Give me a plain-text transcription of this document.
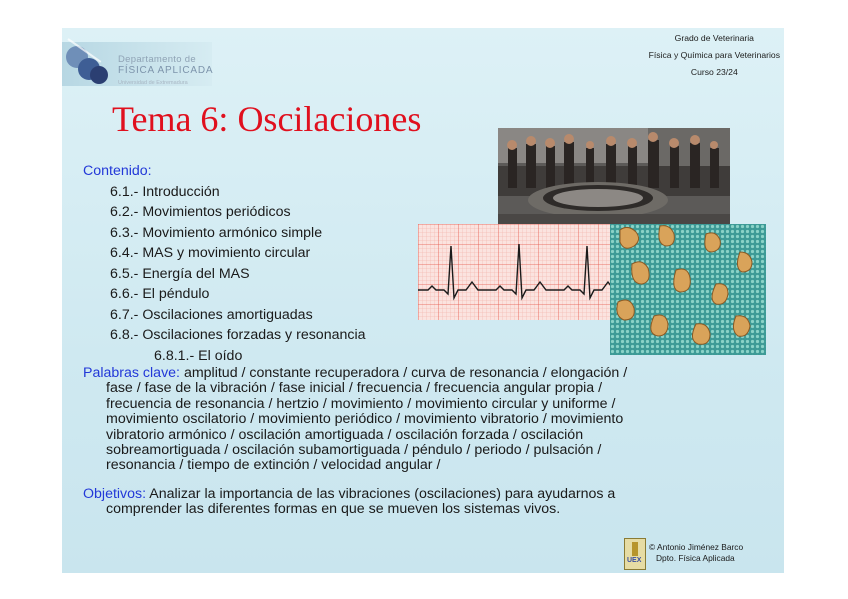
Departamento de
FÍSICA APLICADA
Universidad de Extremadura
Grado de Veterinaria
Física y Química para Veterinarios
Curso 23/24
Tema 6: Oscilaciones
Contenido:
6.1.- Introducción
6.2.- Movimientos periódicos
6.3.- Movimiento armónico simple
6.4.- MAS y movimiento circular
6.5.- Energía del MAS
6.6.- El péndulo
6.7.- Oscilaciones amortiguadas
6.8.- Oscilaciones forzadas y resonancia
6.8.1.- El oído
Palabras clave: amplitud / constante recuperadora / curva de resonancia / elongación /
fase / fase de la vibración / fase inicial / frecuencia / frecuencia angular propia /
frecuencia de resonancia / hertzio / movimiento / movimiento circular y uniforme /
movimiento oscilatorio / movimiento periódico / movimiento vibratorio / movimiento
vibratorio armónico / oscilación amortiguada / oscilación forzada / oscilación
sobreamortiguada / oscilación subamortiguada / péndulo / periodo / pulsación /
resonancia / tiempo de extinción / velocidad angular /
Objetivos: Analizar la importancia de las vibraciones (oscilaciones) para ayudarnos a
comprender las diferentes formas en que se mueven los sistemas vivos.
UEX
© Antonio Jiménez Barco
Dpto. Física Aplicada
